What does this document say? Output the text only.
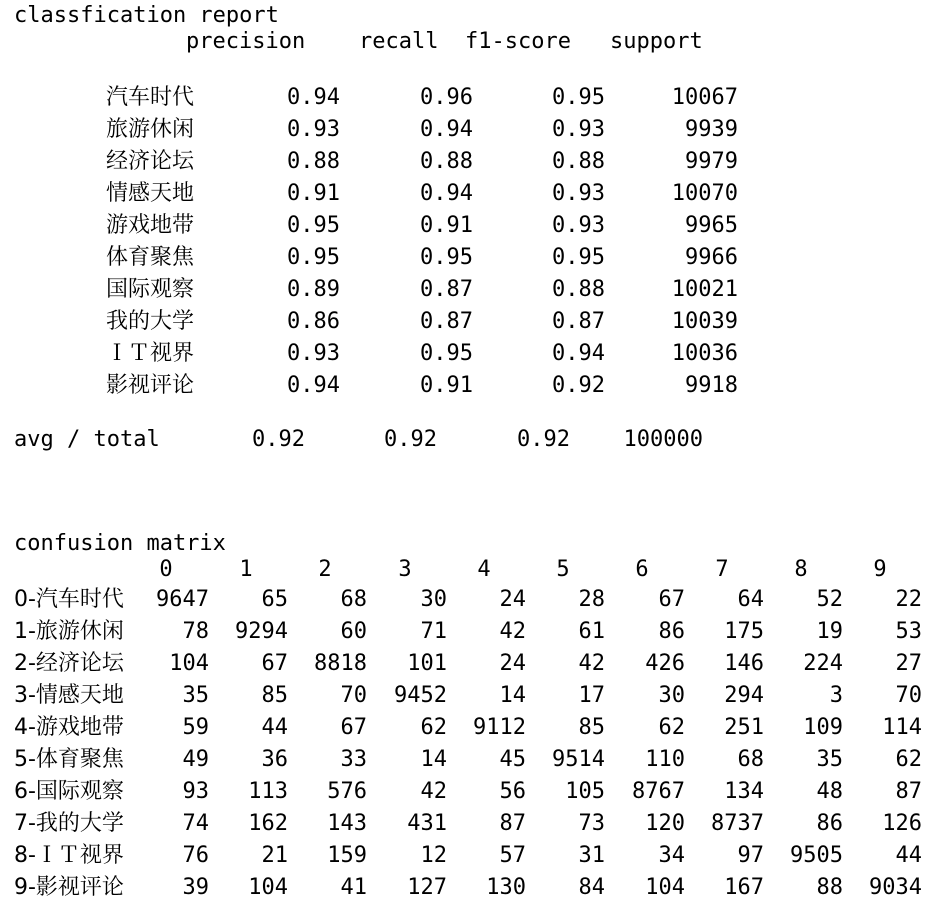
classfication report
precision recall f1-score support
汽车时代	0.94	0.96	0.95	10067
旅游休闲	0.93	0.94	0.93	9939
经济论坛	0.88	0.88	0.88	9979
情感天地	0.91	0.94	0.93	10070
游戏地带	0.95	0.91	0.93	9965
体育聚焦	0.95	0.95	0.95	9966
国际观察	0.89	0.87	0.88	10021
我的大学	0.86	0.87	0.87	10039
ＩＴ视界	0.93	0.95	0.94	10036
影视评论	0.94	0.91	0.92	9918
avg / total	0.92	0.92	0.92	100000
confusion matrix
0	1	2	3	4	5	6	7	8	9
0-汽车时代	9647	65	68	30	24	28	67	64	52	22
1-旅游休闲	78	9294	60	71	42	61	86	175	19	53
2-经济论坛	104	67	8818	101	24	42	426	146	224	27
3-情感天地	35	85	70	9452	14	17	30	294	3	70
4-游戏地带	59	44	67	62	9112	85	62	251	109	114
5-体育聚焦	49	36	33	14	45	9514	110	68	35	62
6-国际观察	93	113	576	42	56	105	8767	134	48	87
7-我的大学	74	162	143	431	87	73	120	8737	86	126
8-ＩＴ视界	76	21	159	12	57	31	34	97	9505	44
9-影视评论	39	104	41	127	130	84	104	167	88	9034
